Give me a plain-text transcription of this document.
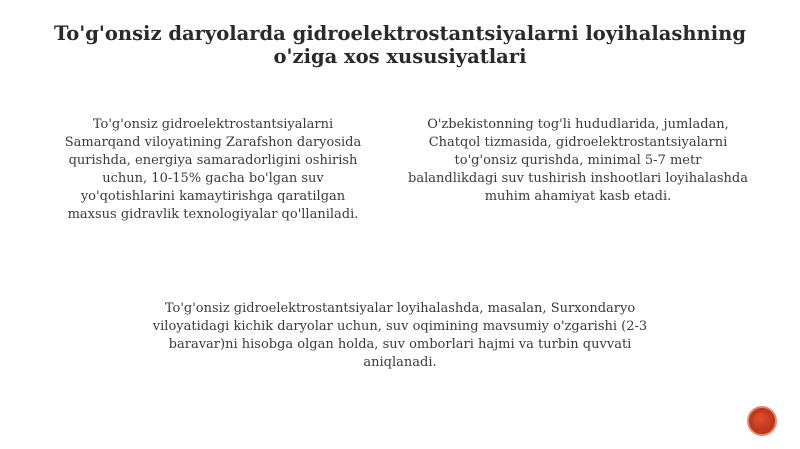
To'g'onsiz daryolarda gidroelektrostantsiyalarni loyihalashning o'ziga xos xususiyatlari

To'g'onsiz gidroelektrostantsiyalarni Samarqand viloyatining Zarafshon daryosida qurishda, energiya samaradorligini oshirish uchun, 10-15% gacha bo'lgan suv yo'qotishlarini kamaytirishga qaratilgan maxsus gidravlik texnologiyalar qo'llaniladi.

O'zbekistonning tog'li hududlarida, jumladan, Chatqol tizmasida, gidroelektrostantsiyalarni to'g'onsiz qurishda, minimal 5-7 metr balandlikdagi suv tushirish inshootlari loyihalashda muhim ahamiyat kasb etadi.

To'g'onsiz gidroelektrostantsiyalar loyihalashda, masalan, Surxondaryo viloyatidagi kichik daryolar uchun, suv oqimining mavsumiy o'zgarishi (2-3 baravar)ni hisobga olgan holda, suv omborlari hajmi va turbin quvvati aniqlanadi.
